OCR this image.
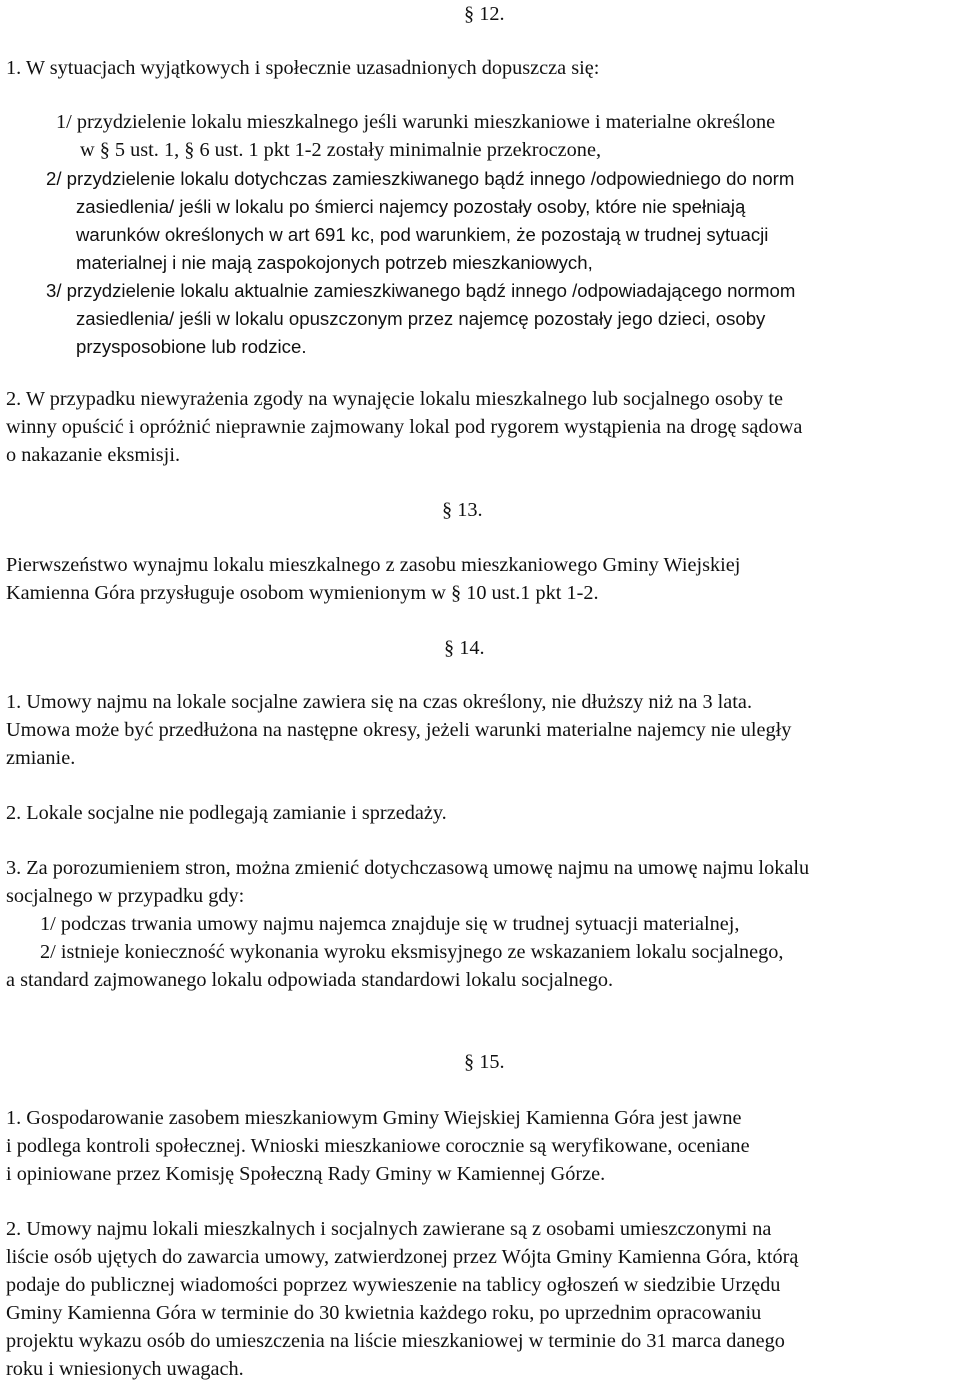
§ 12.
1. W sytuacjach wyjątkowych i społecznie uzasadnionych dopuszcza się:
1/ przydzielenie lokalu mieszkalnego jeśli warunki mieszkaniowe i materialne określone
w § 5 ust. 1, § 6 ust. 1 pkt 1-2 zostały minimalnie przekroczone,
2/ przydzielenie lokalu dotychczas zamieszkiwanego bądź innego /odpowiedniego do norm
zasiedlenia/ jeśli w lokalu po śmierci najemcy pozostały osoby, które nie spełniają
warunków określonych w art 691 kc, pod warunkiem, że pozostają w trudnej sytuacji
materialnej i nie mają zaspokojonych potrzeb mieszkaniowych,
3/ przydzielenie lokalu aktualnie zamieszkiwanego bądź innego /odpowiadającego normom
zasiedlenia/ jeśli w lokalu opuszczonym przez najemcę pozostały jego dzieci, osoby
przysposobione lub rodzice.
2. W przypadku niewyrażenia zgody na wynajęcie lokalu mieszkalnego lub socjalnego osoby te
winny opuścić i opróżnić nieprawnie zajmowany lokal pod rygorem wystąpienia na drogę sądowa
o nakazanie eksmisji.
§ 13.
Pierwszeństwo wynajmu lokalu mieszkalnego z zasobu mieszkaniowego Gminy Wiejskiej
Kamienna Góra przysługuje osobom wymienionym w § 10 ust.1 pkt 1-2.
§ 14.
1. Umowy najmu na lokale socjalne zawiera się na czas określony, nie dłuższy niż na 3 lata.
Umowa może być przedłużona na następne okresy, jeżeli warunki materialne najemcy nie uległy
zmianie.
2. Lokale socjalne nie podlegają zamianie i sprzedaży.
3. Za porozumieniem stron, można zmienić dotychczasową umowę najmu na umowę najmu lokalu
socjalnego w przypadku gdy:
1/ podczas trwania umowy najmu najemca znajduje się w trudnej sytuacji materialnej,
2/ istnieje konieczność wykonania wyroku eksmisyjnego ze wskazaniem lokalu socjalnego,
a standard zajmowanego lokalu odpowiada standardowi lokalu socjalnego.
§ 15.
1. Gospodarowanie zasobem mieszkaniowym Gminy Wiejskiej Kamienna Góra jest jawne
i podlega kontroli społecznej. Wnioski mieszkaniowe corocznie są weryfikowane, oceniane
i opiniowane przez Komisję Społeczną Rady Gminy w Kamiennej Górze.
2. Umowy najmu lokali mieszkalnych i socjalnych zawierane są z osobami umieszczonymi na
liście osób ujętych do zawarcia umowy, zatwierdzonej przez Wójta Gminy Kamienna Góra, którą
podaje do publicznej wiadomości poprzez wywieszenie na tablicy ogłoszeń w siedzibie Urzędu
Gminy Kamienna Góra w terminie do 30 kwietnia każdego roku, po uprzednim opracowaniu
projektu wykazu osób do umieszczenia na liście mieszkaniowej w terminie do 31 marca danego
roku i wniesionych uwagach.
